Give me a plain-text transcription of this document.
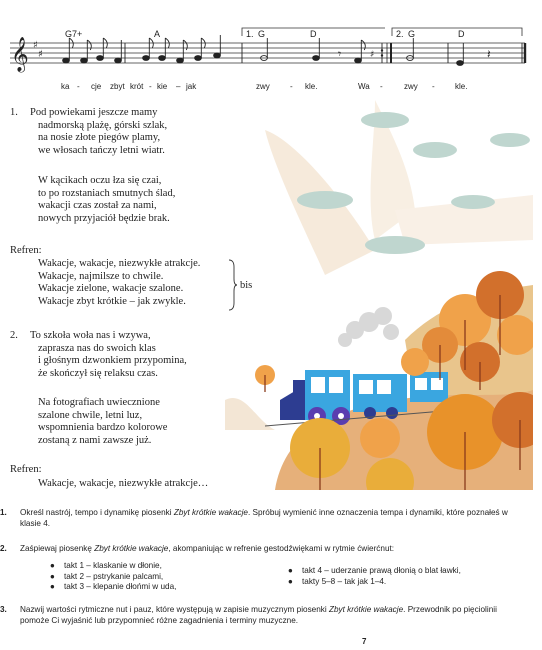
𝄞 ♯
♯	𝄾	♯	𝄽
G7+	A	1. G	D	2. G	D
ka - cje zbyt krót - kie – jak	zwy	- kle.	Wa -	zwy -	kle.
1.	Pod powiekami jeszcze mamy
nadmorską plażę, górski szlak,
na nosie złote piegów plamy,
we włosach tańczy letni wiatr.
W kącikach oczu łza się czai,
to po rozstaniach smutnych ślad,
wakacji czas został za nami,
nowych przyjaciół będzie brak.
Refren:
Wakacje, wakacje, niezwykłe atrakcje.
Wakacje, najmilsze to chwile.
Wakacje zielone, wakacje szalone.
Wakacje zbyt krótkie – jak zwykle.
bis
2.	To szkoła woła nas i wzywa,
zaprasza nas do swoich klas
i głośnym dzwonkiem przypomina,
że skończył się relaksu czas.
Na fotografiach uwiecznione
szalone chwile, letni luz,
wspomnienia bardzo kolorowe
zostaną z nami zawsze już.
Refren:
Wakacje, wakacje, niezwykłe atrakcje…
1. Określ nastrój, tempo i dynamikę piosenki Zbyt krótkie wakacje. Spróbuj wymienić inne oznaczenia tempa i dynamiki, które poznałeś w klasie 4.
2. Zaśpiewaj piosenkę Zbyt krótkie wakacje, akompaniując w refrenie gestodźwiękami w rytmie ćwierćnut:
● takt 1 – klaskanie w dłonie,
● takt 2 – pstrykanie palcami,
● takt 3 – klepanie dłońmi w uda,
● takt 4 – uderzanie prawą dłonią o blat ławki,
● takty 5–8 – tak jak 1–4.
3. Nazwij wartości rytmiczne nut i pauz, które występują w zapisie muzycznym piosenki Zbyt krótkie wakacje. Przewodnik po pięciolinii pomoże Ci wyjaśnić lub przypomnieć różne zagadnienia i terminy muzyczne.
7
